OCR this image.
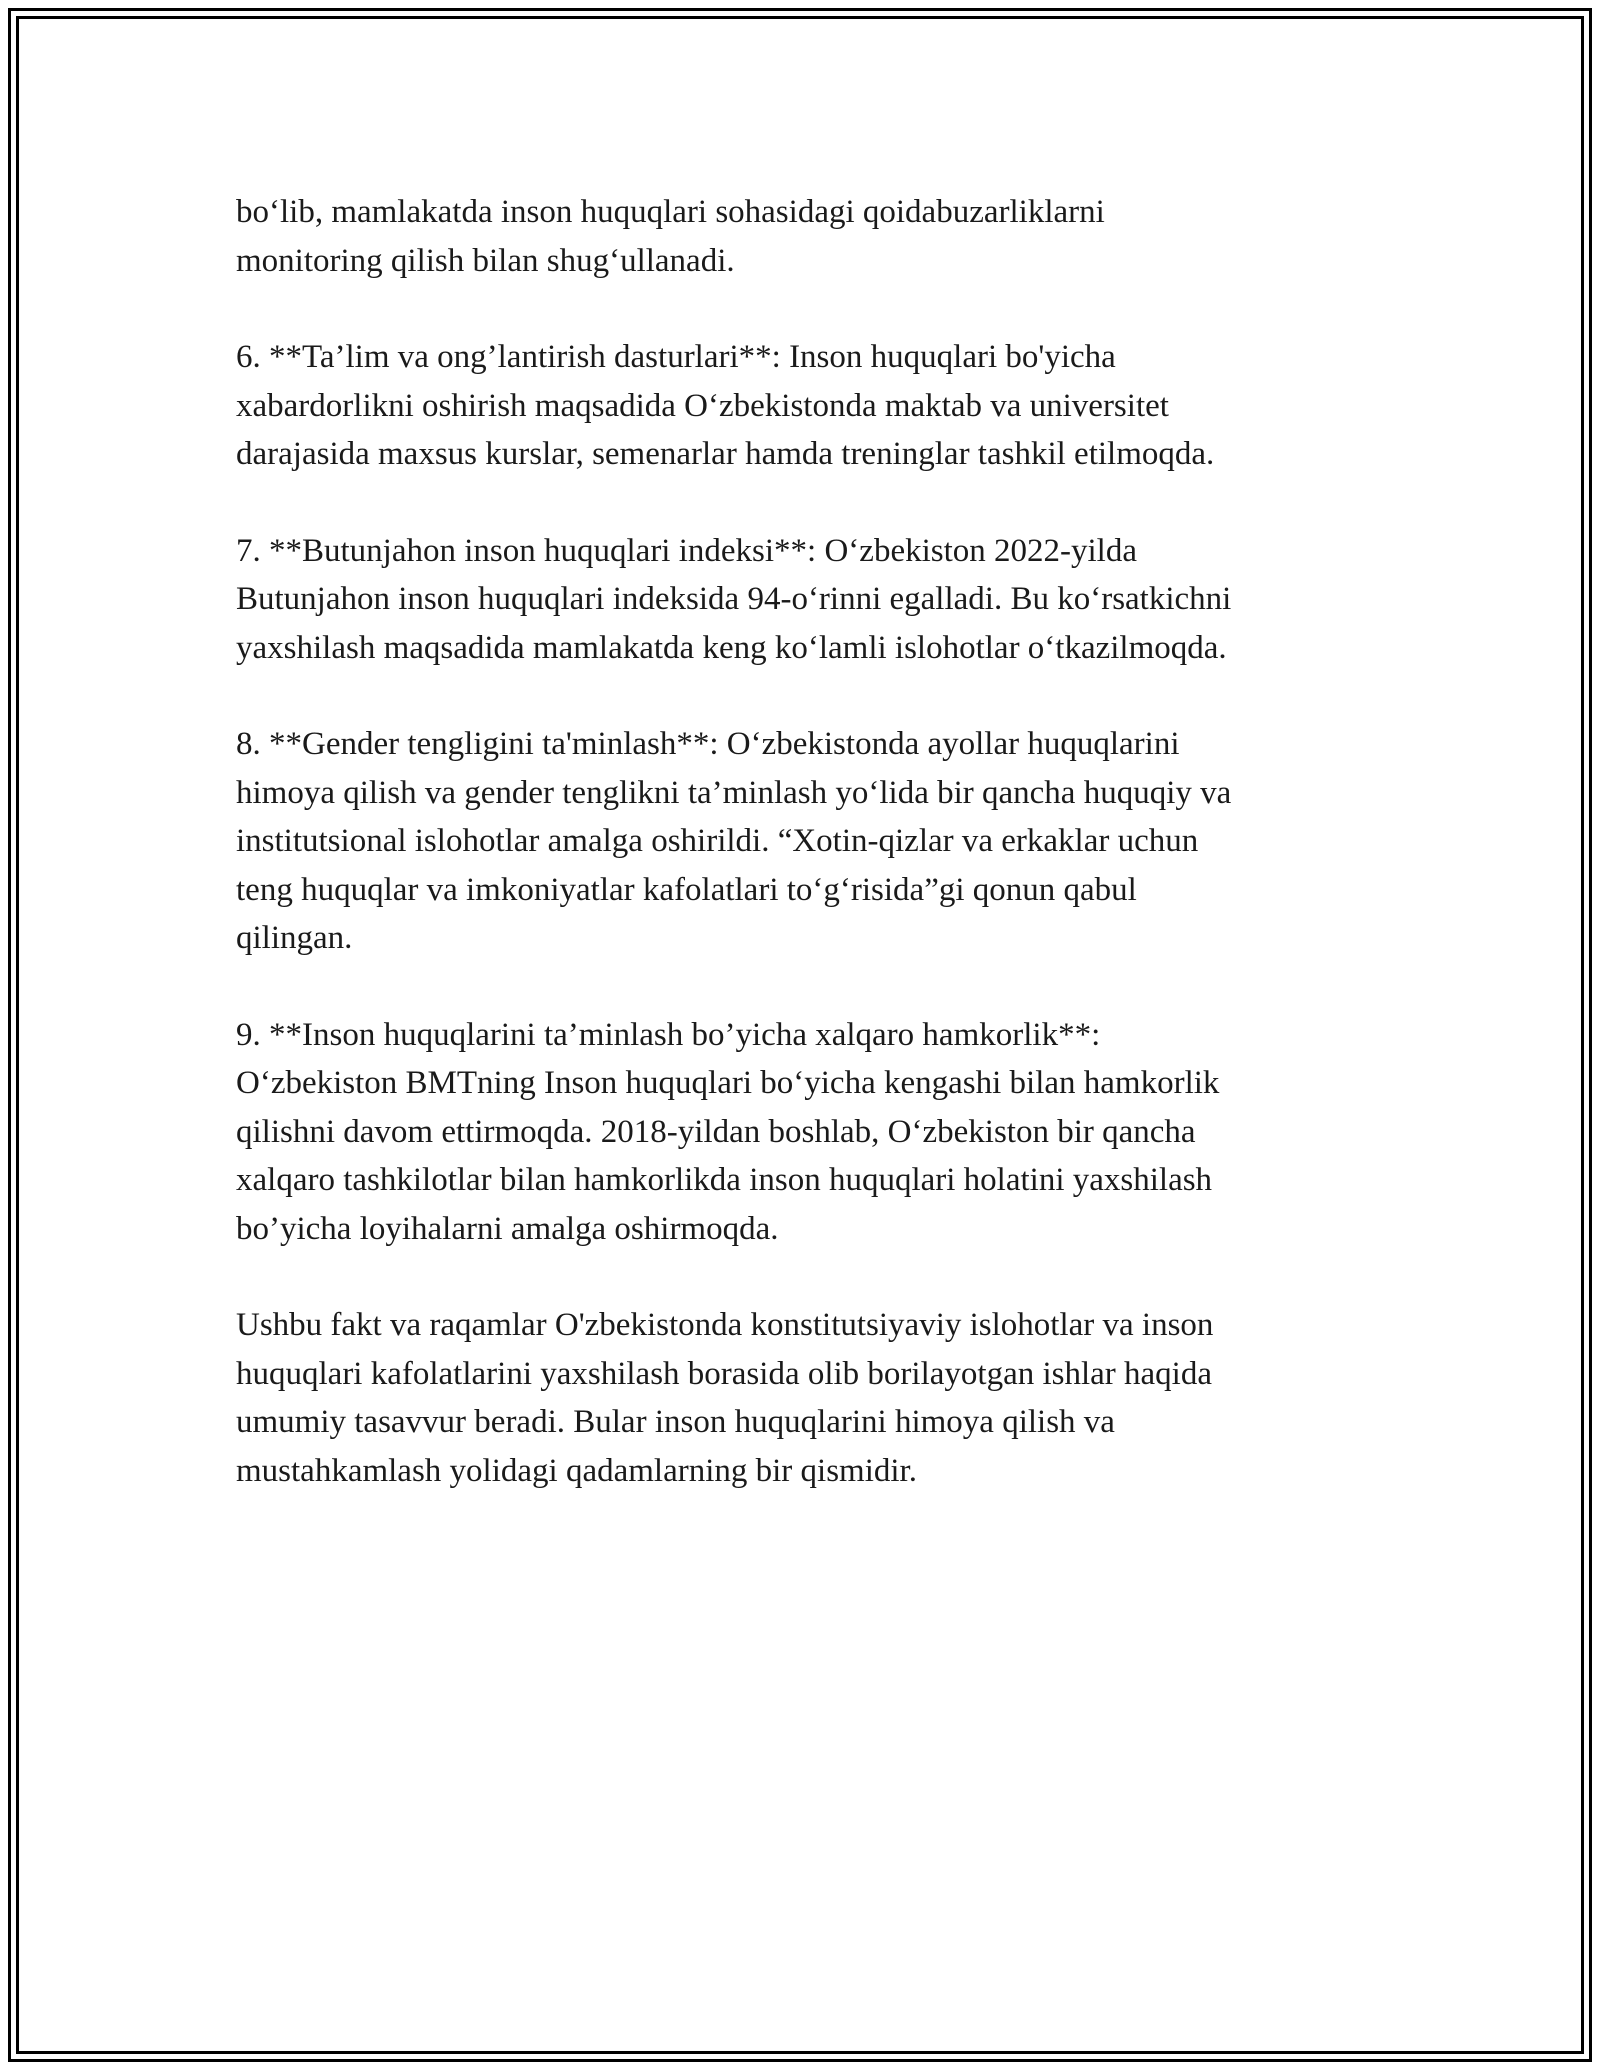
bo‘lib, mamlakatda inson huquqlari sohasidagi qoidabuzarliklarni
monitoring qilish bilan shug‘ullanadi.

6. **Ta’lim va ong’lantirish dasturlari**: Inson huquqlari bo'yicha
xabardorlikni oshirish maqsadida O‘zbekistonda maktab va universitet
darajasida maxsus kurslar, semenarlar hamda treninglar tashkil etilmoqda.

7. **Butunjahon inson huquqlari indeksi**: O‘zbekiston 2022-yilda
Butunjahon inson huquqlari indeksida 94-o‘rinni egalladi. Bu ko‘rsatkichni
yaxshilash maqsadida mamlakatda keng ko‘lamli islohotlar o‘tkazilmoqda.

8. **Gender tengligini ta'minlash**: O‘zbekistonda ayollar huquqlarini
himoya qilish va gender tenglikni ta’minlash yo‘lida bir qancha huquqiy va
institutsional islohotlar amalga oshirildi. “Xotin-qizlar va erkaklar uchun
teng huquqlar va imkoniyatlar kafolatlari to‘g‘risida”gi qonun qabul
qilingan.

9. **Inson huquqlarini ta’minlash bo’yicha xalqaro hamkorlik**:
O‘zbekiston BMTning Inson huquqlari bo‘yicha kengashi bilan hamkorlik
qilishni davom ettirmoqda. 2018-yildan boshlab, O‘zbekiston bir qancha
xalqaro tashkilotlar bilan hamkorlikda inson huquqlari holatini yaxshilash
bo’yicha loyihalarni amalga oshirmoqda.

Ushbu fakt va raqamlar O'zbekistonda konstitutsiyaviy islohotlar va inson
huquqlari kafolatlarini yaxshilash borasida olib borilayotgan ishlar haqida
umumiy tasavvur beradi. Bular inson huquqlarini himoya qilish va
mustahkamlash yolidagi qadamlarning bir qismidir.
